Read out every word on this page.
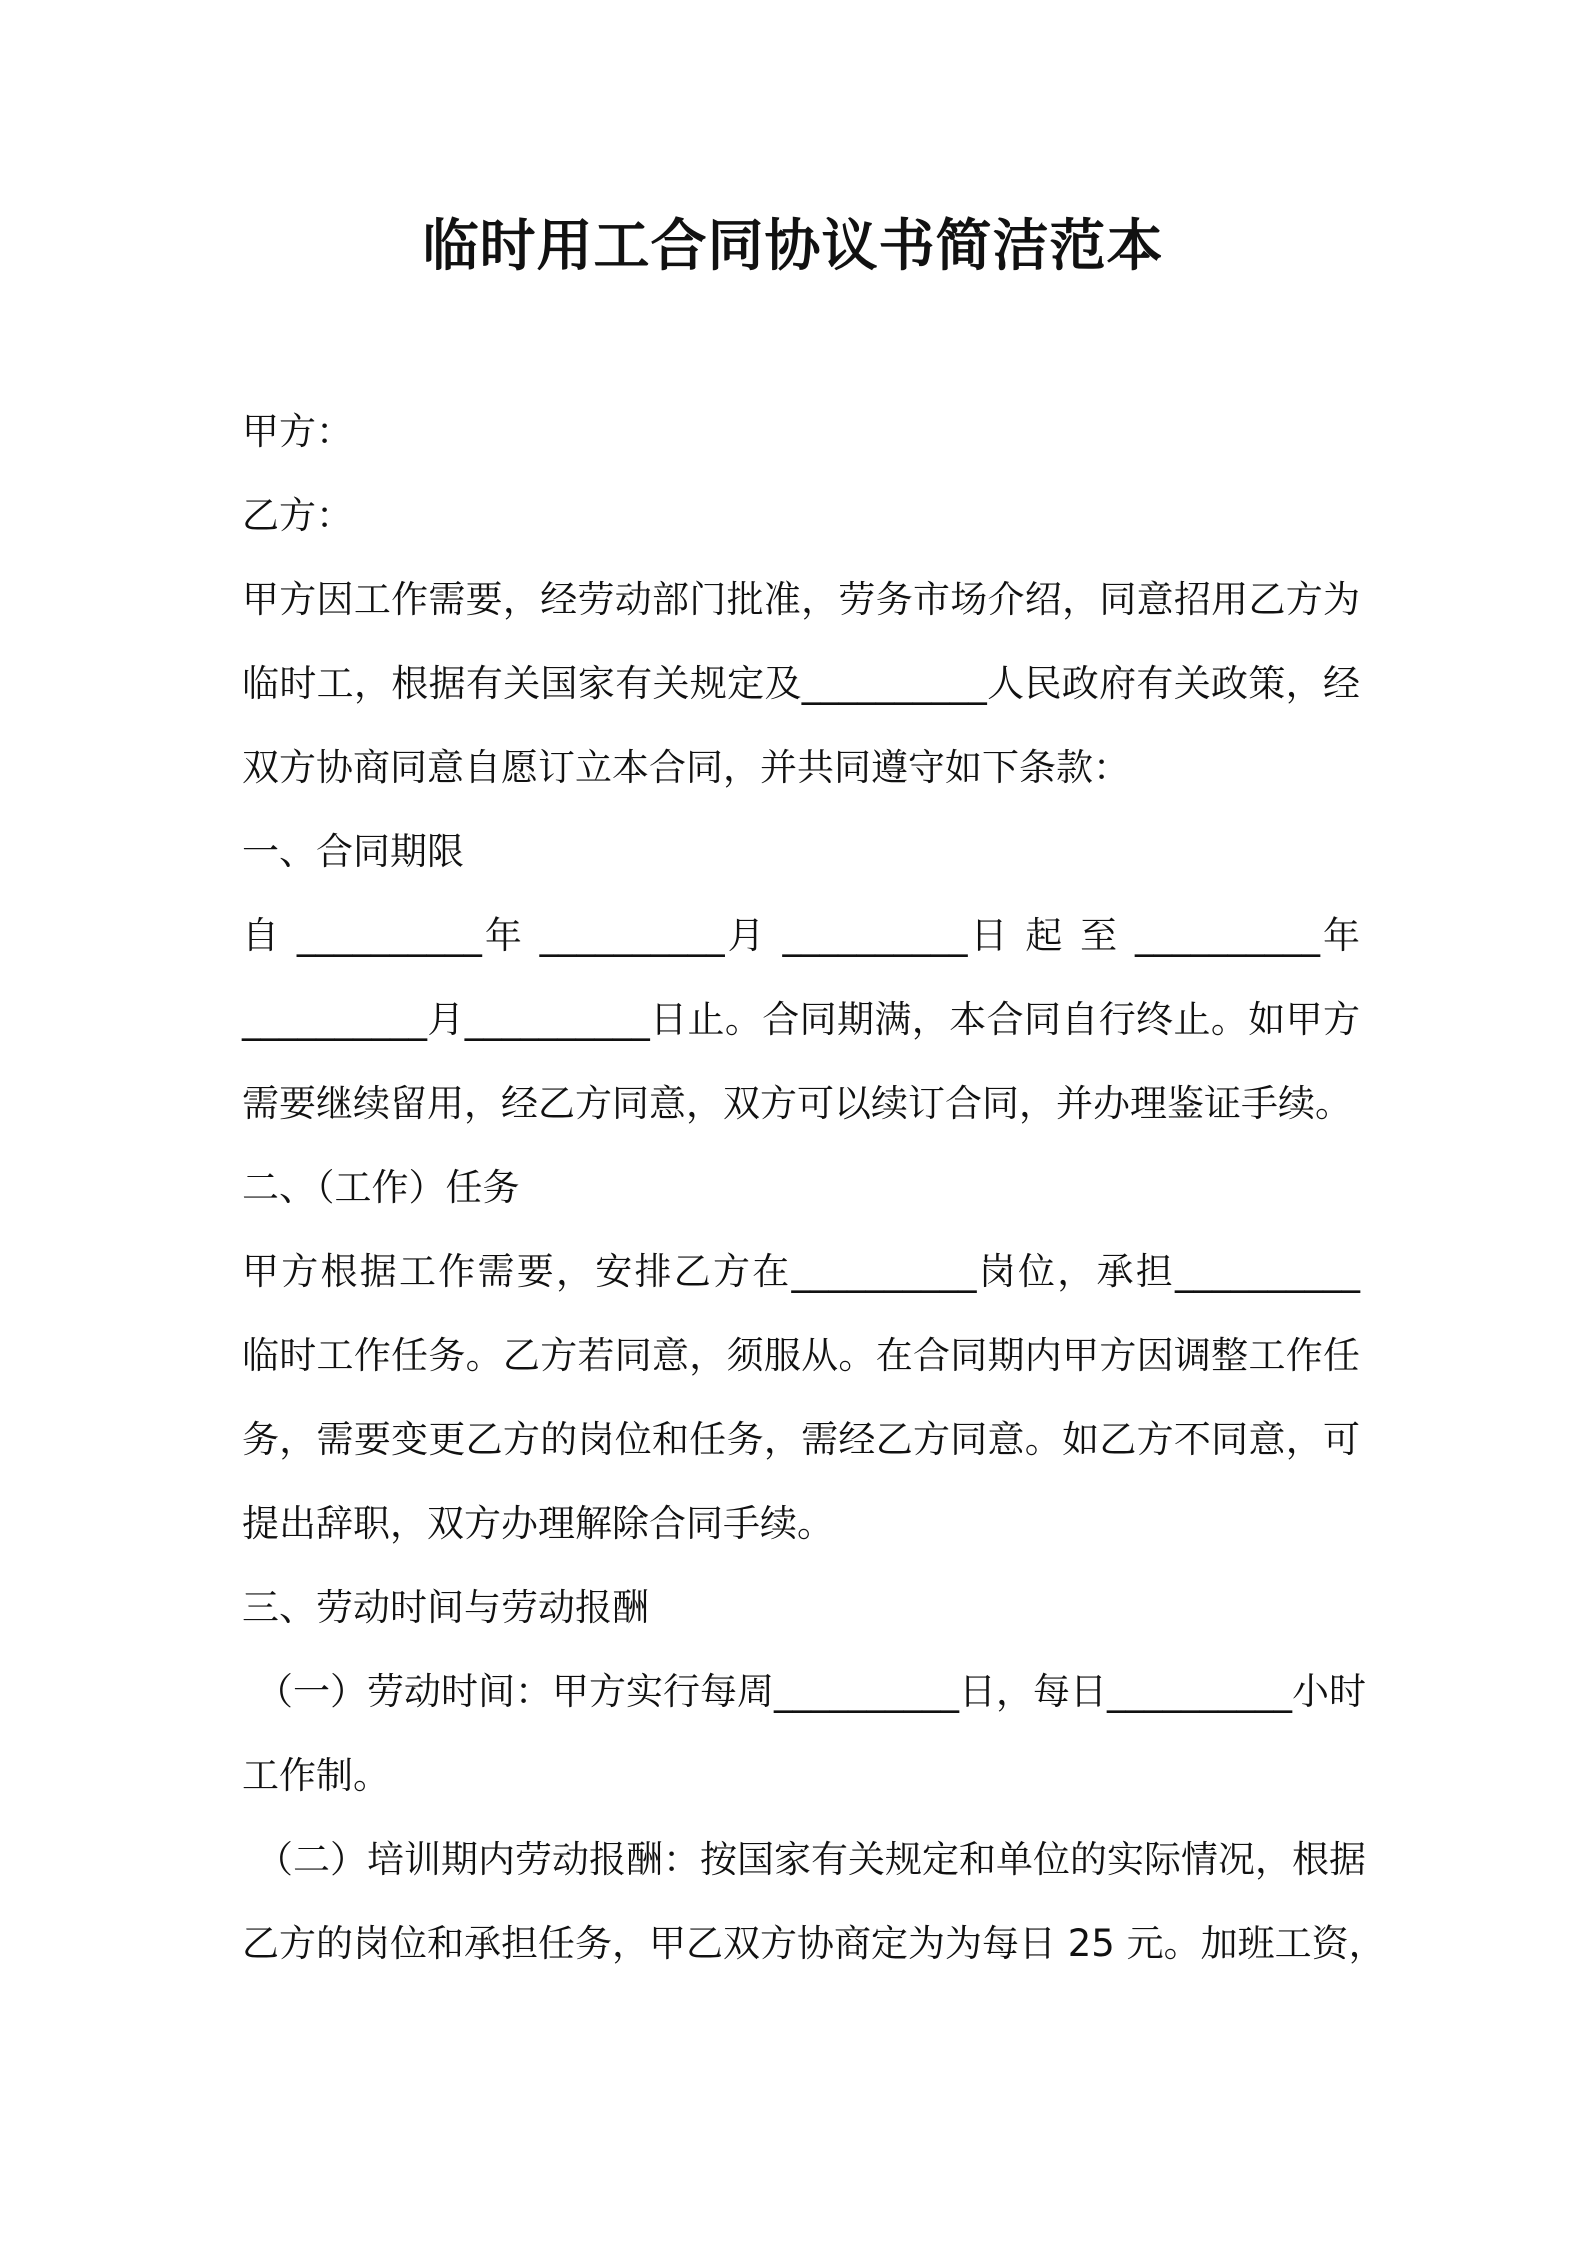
临时用工合同协议书简洁范本
甲方：
乙方：
甲方因工作需要，经劳动部门批准，劳务市场介绍，同意招用乙方为
临时工，根据有关国家有关规定及__________人民政府有关政策，经
双方协商同意自愿订立本合同，并共同遵守如下条款：
一、合同期限
自 __________年 __________月 __________日 起 至 __________年
__________月__________日止。合同期满，本合同自行终止。如甲方
需要继续留用，经乙方同意，双方可以续订合同，并办理鉴证手续。
二、（工作）任务
甲方根据工作需要，安排乙方在__________岗位，承担__________
临时工作任务。乙方若同意，须服从。在合同期内甲方因调整工作任
务，需要变更乙方的岗位和任务，需经乙方同意。如乙方不同意，可
提出辞职，双方办理解除合同手续。
三、劳动时间与劳动报酬
（一）劳动时间：甲方实行每周__________日，每日__________小时
工作制。
（二）培训期内劳动报酬：按国家有关规定和单位的实际情况，根据
乙方的岗位和承担任务，甲乙双方协商定为为每日 25 元。加班工资，
